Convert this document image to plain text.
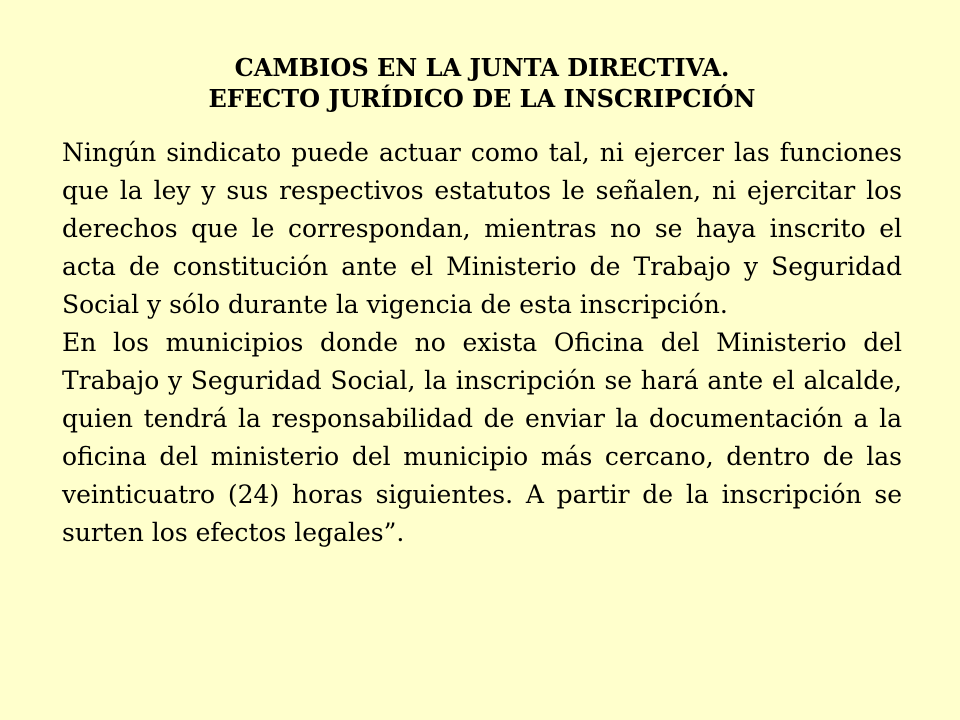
CAMBIOS EN LA JUNTA DIRECTIVA.
EFECTO JURÍDICO DE LA INSCRIPCIÓN

Ningún sindicato puede actuar como tal, ni ejercer las funciones que la ley y sus respectivos estatutos le señalen, ni ejercitar los derechos que le correspondan, mientras no se haya inscrito el acta de constitución ante el Ministerio de Trabajo y Seguridad Social y sólo durante la vigencia de esta inscripción.

En los municipios donde no exista Oficina del Ministerio del Trabajo y Seguridad Social, la inscripción se hará ante el alcalde, quien tendrá la responsabilidad de enviar la documentación a la oficina del ministerio del municipio más cercano, dentro de las veinticuatro (24) horas siguientes. A partir de la inscripción se surten los efectos legales”.
